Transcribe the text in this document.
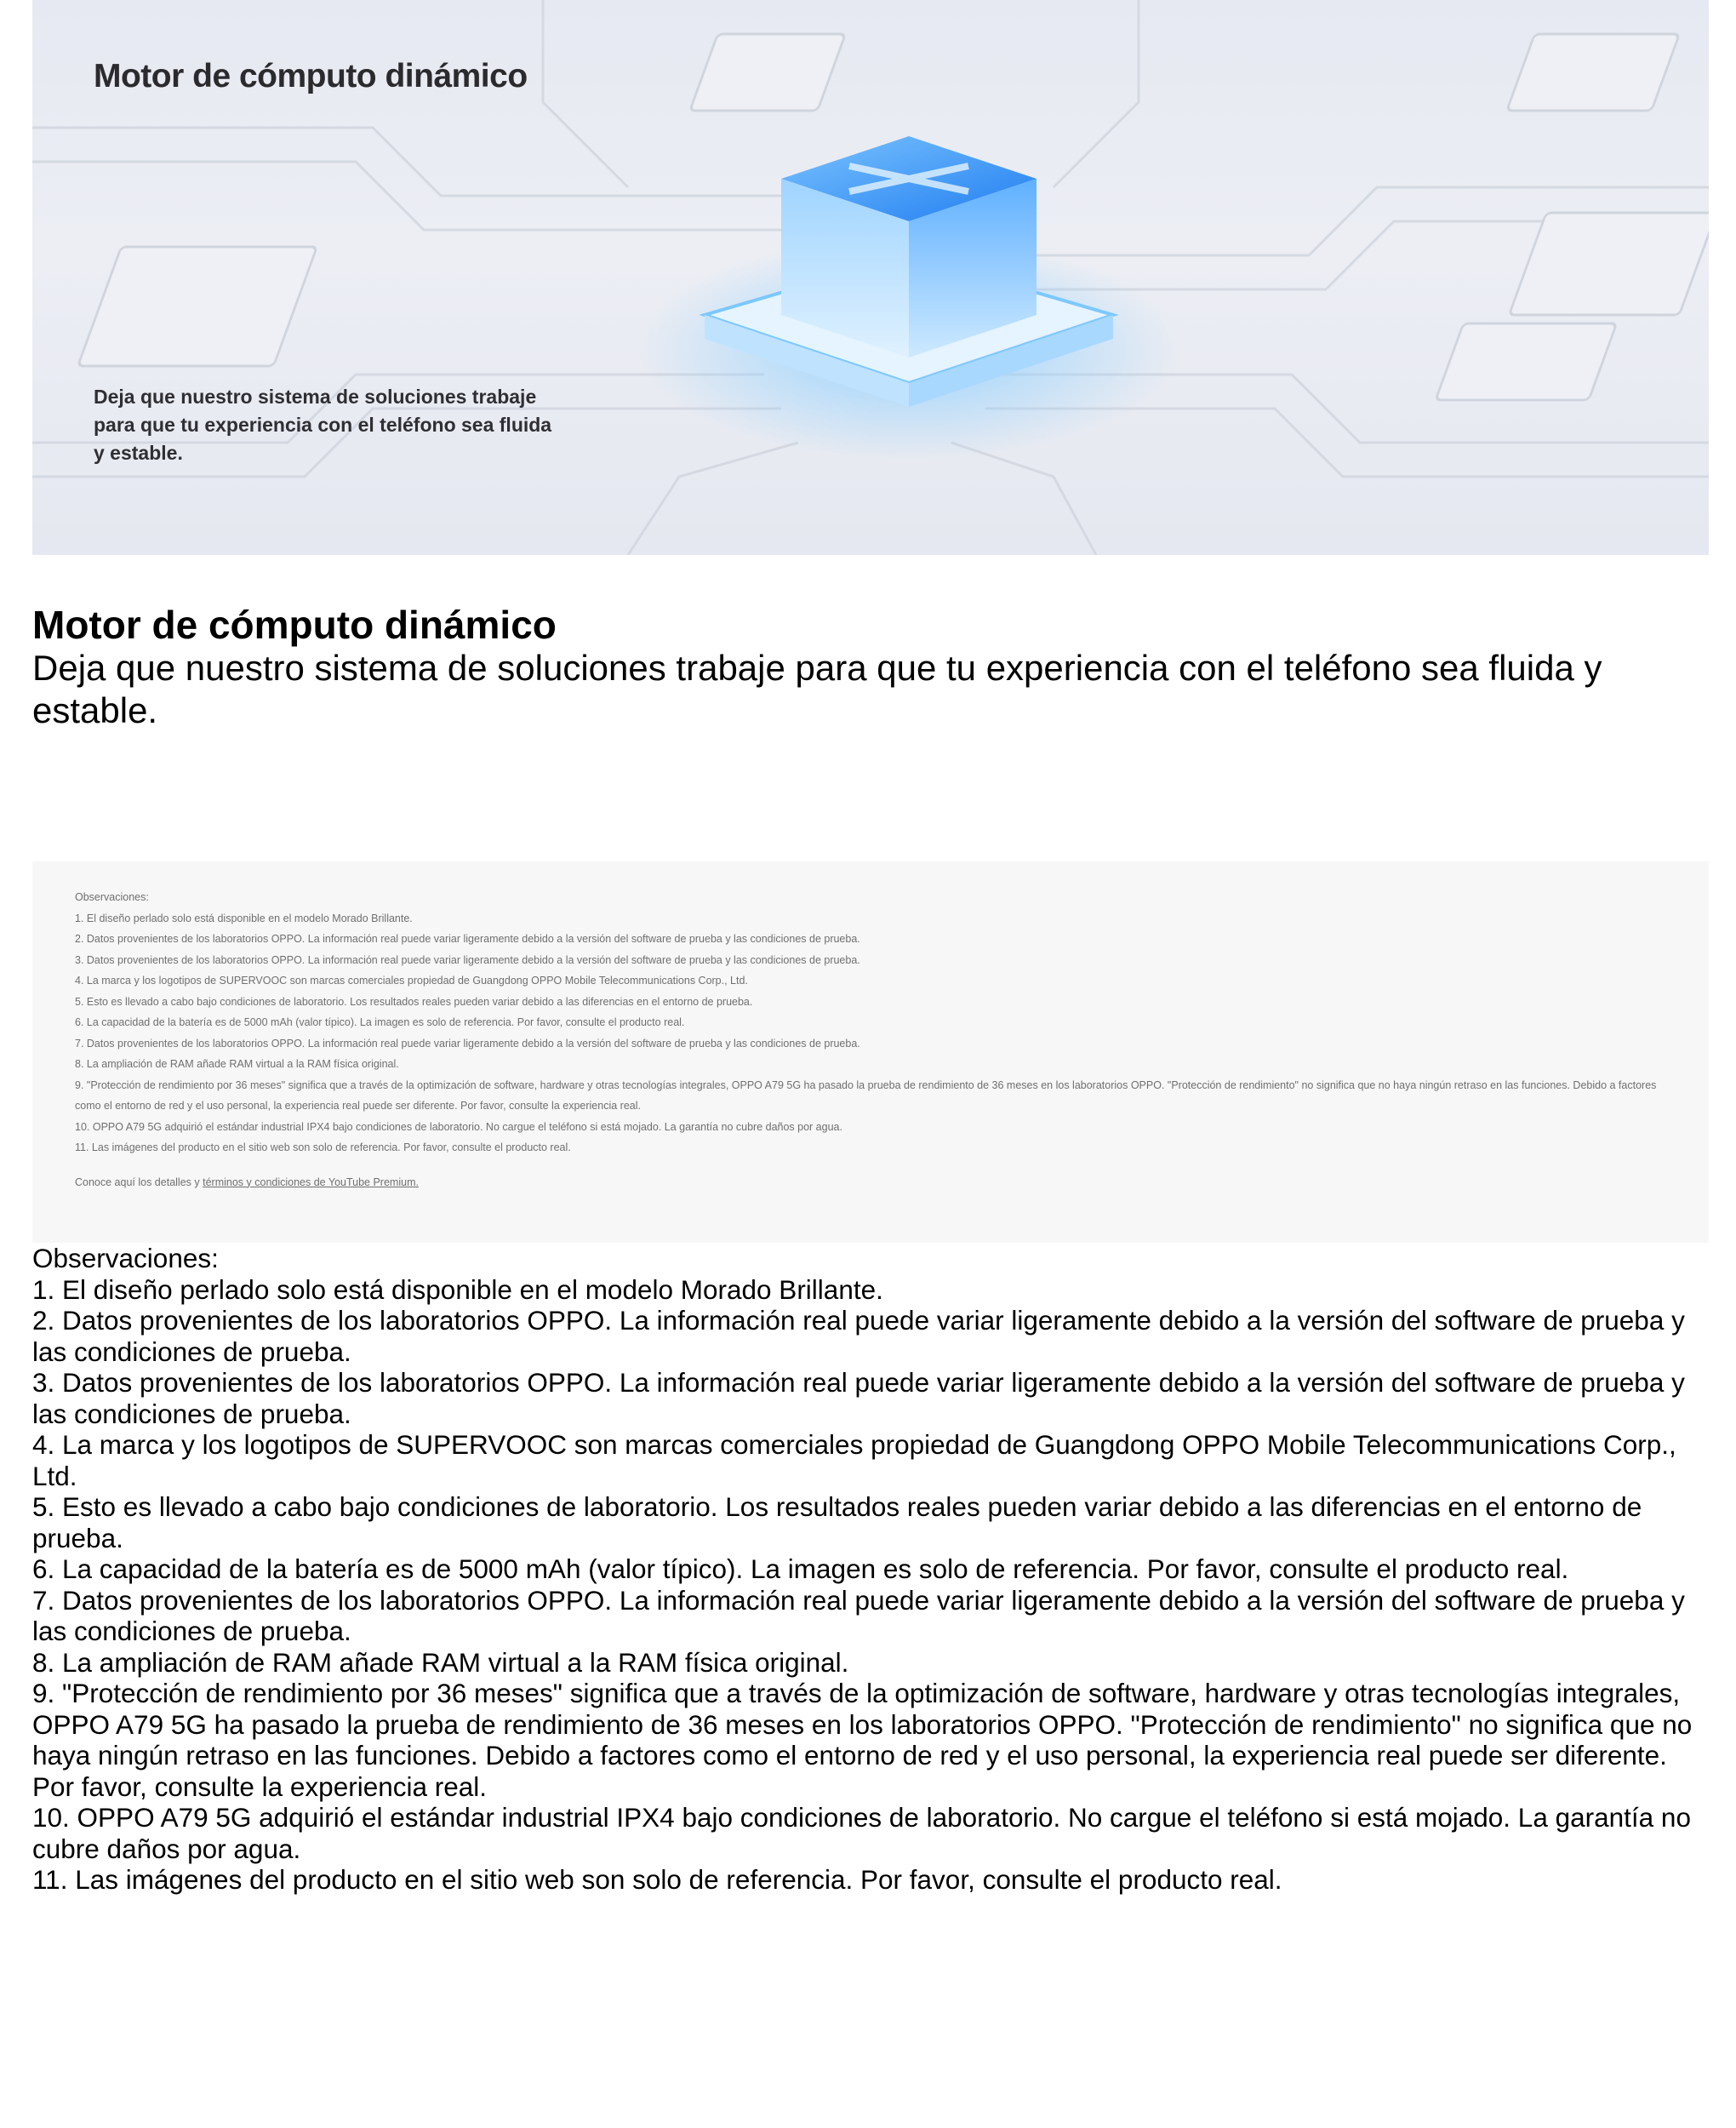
Motor de cómputo dinámico
Deja que nuestro sistema de soluciones trabaje para que tu experiencia con el teléfono sea fluida y estable.
Motor de cómputo dinámico

Deja que nuestro sistema de soluciones trabaje para que tu experiencia con el teléfono sea fluida y estable.

Observaciones:
1. El diseño perlado solo está disponible en el modelo Morado Brillante.
2. Datos provenientes de los laboratorios OPPO. La información real puede variar ligeramente debido a la versión del software de prueba y las condiciones de prueba.
3. Datos provenientes de los laboratorios OPPO. La información real puede variar ligeramente debido a la versión del software de prueba y las condiciones de prueba.
4. La marca y los logotipos de SUPERVOOC son marcas comerciales propiedad de Guangdong OPPO Mobile Telecommunications Corp., Ltd.
5. Esto es llevado a cabo bajo condiciones de laboratorio. Los resultados reales pueden variar debido a las diferencias en el entorno de prueba.
6. La capacidad de la batería es de 5000 mAh (valor típico). La imagen es solo de referencia. Por favor, consulte el producto real.
7. Datos provenientes de los laboratorios OPPO. La información real puede variar ligeramente debido a la versión del software de prueba y las condiciones de prueba.
8. La ampliación de RAM añade RAM virtual a la RAM física original.
9. "Protección de rendimiento por 36 meses" significa que a través de la optimización de software, hardware y otras tecnologías integrales, OPPO A79 5G ha pasado la prueba de rendimiento de 36 meses en los laboratorios OPPO. "Protección de rendimiento" no significa que no haya ningún retraso en las funciones. Debido a factores como el entorno de red y el uso personal, la experiencia real puede ser diferente. Por favor, consulte la experiencia real.
10. OPPO A79 5G adquirió el estándar industrial IPX4 bajo condiciones de laboratorio. No cargue el teléfono si está mojado. La garantía no cubre daños por agua.
11. Las imágenes del producto en el sitio web son solo de referencia. Por favor, consulte el producto real.
Conoce aquí los detalles y términos y condiciones de YouTube Premium.
Observaciones:
1. El diseño perlado solo está disponible en el modelo Morado Brillante.
2. Datos provenientes de los laboratorios OPPO. La información real puede variar ligeramente debido a la versión del software de prueba y las condiciones de prueba.
3. Datos provenientes de los laboratorios OPPO. La información real puede variar ligeramente debido a la versión del software de prueba y las condiciones de prueba.
4. La marca y los logotipos de SUPERVOOC son marcas comerciales propiedad de Guangdong OPPO Mobile Telecommunications Corp., Ltd.
5. Esto es llevado a cabo bajo condiciones de laboratorio. Los resultados reales pueden variar debido a las diferencias en el entorno de prueba.
6. La capacidad de la batería es de 5000 mAh (valor típico). La imagen es solo de referencia. Por favor, consulte el producto real.
7. Datos provenientes de los laboratorios OPPO. La información real puede variar ligeramente debido a la versión del software de prueba y las condiciones de prueba.
8. La ampliación de RAM añade RAM virtual a la RAM física original.
9. "Protección de rendimiento por 36 meses" significa que a través de la optimización de software, hardware y otras tecnologías integrales, OPPO A79 5G ha pasado la prueba de rendimiento de 36 meses en los laboratorios OPPO. "Protección de rendimiento" no significa que no haya ningún retraso en las funciones. Debido a factores como el entorno de red y el uso personal, la experiencia real puede ser diferente. Por favor, consulte la experiencia real.
10. OPPO A79 5G adquirió el estándar industrial IPX4 bajo condiciones de laboratorio. No cargue el teléfono si está mojado. La garantía no cubre daños por agua.
11. Las imágenes del producto en el sitio web son solo de referencia. Por favor, consulte el producto real.
